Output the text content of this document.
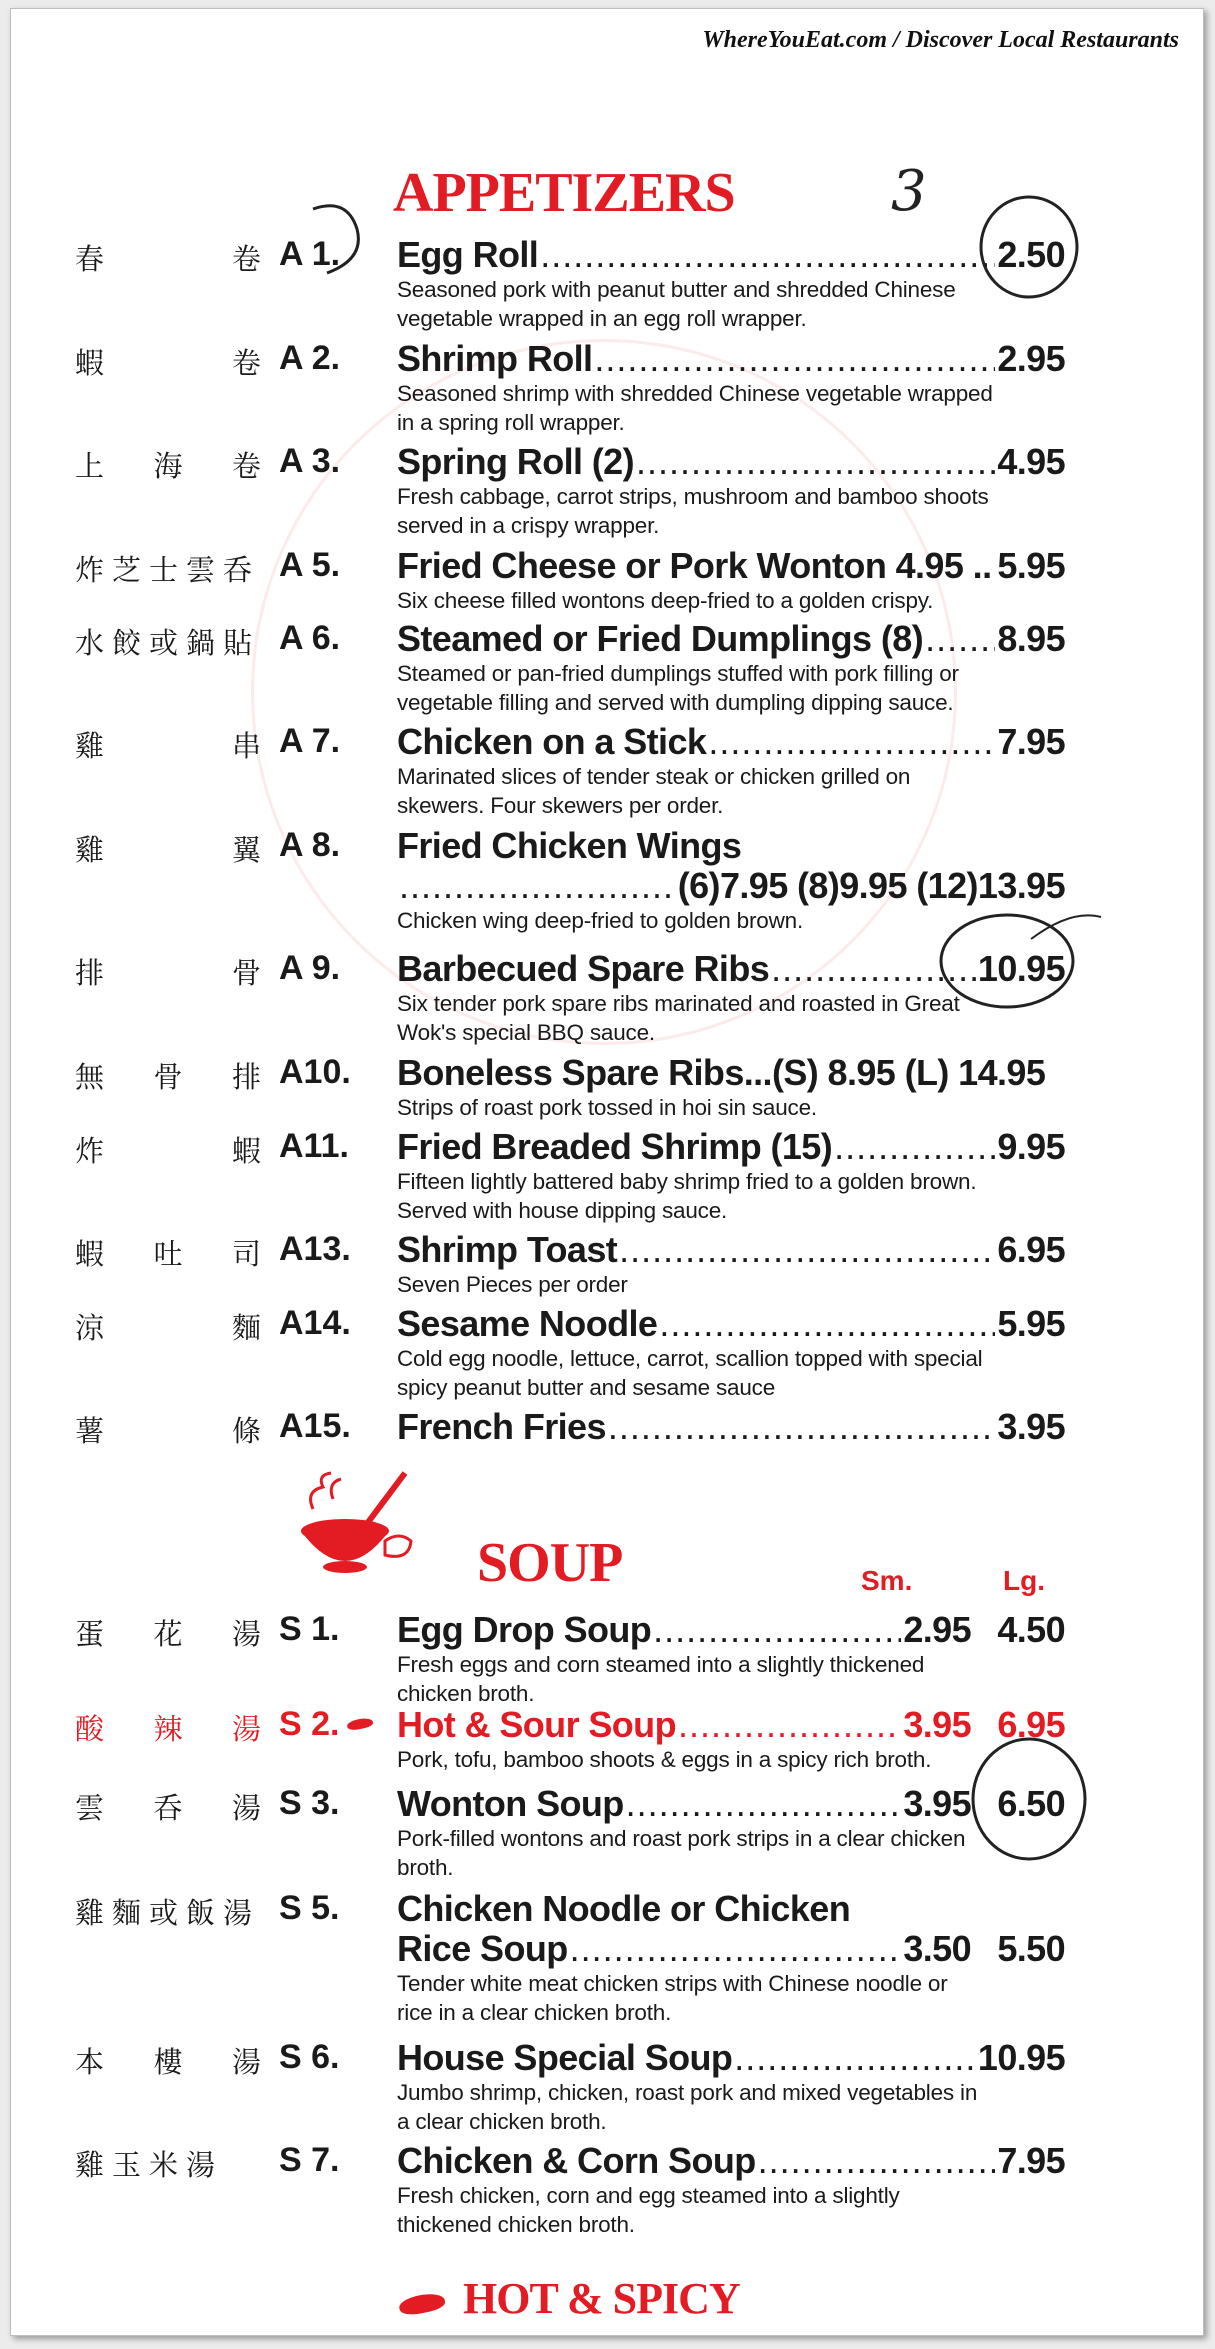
WhereYouEat.com / Discover Local Restaurants
APPETIZERS	3
春	卷 A 1. Egg Roll .....	2.50
Seasoned pork with peanut butter and shredded Chinese
vegetable wrapped in an egg roll wrapper.
蝦	卷 A 2. Shrimp Roll .....	2.95
Seasoned shrimp with shredded Chinese vegetable wrapped
in a spring roll wrapper.
上 海 卷 A 3. Spring Roll (2) .....	4.95
Fresh cabbage, carrot strips, mushroom and bamboo shoots
served in a crispy wrapper.
炸芝士雲呑 A 5. Fried Cheese or Pork Wonton 4.95 .. ..... 5.95
Six cheese filled wontons deep-fried to a golden crispy.
水餃或鍋貼 A 6. Steamed or Fried Dumplings (8) ..... 8.95
Steamed or pan-fried dumplings stuffed with pork filling or
vegetable filling and served with dumpling dipping sauce.
雞	串 A 7. Chicken on a Stick .....	7.95
Marinated slices of tender steak or chicken grilled on
skewers. Four skewers per order.
雞	翼 A 8. Fried Chicken Wings
.....
(6)7.95 (8)9.95 (12)13.95
Chicken wing deep-fried to golden brown.
排	骨 A 9. Barbecued Spare Ribs .....	10.95
Six tender pork spare ribs marinated and roasted in Great
Wok's special BBQ sauce.
無 骨 排 A10. Boneless Spare Ribs...(S) 8.95 (L) 14.95
Strips of roast pork tossed in hoi sin sauce.
炸	蝦 A11. Fried Breaded Shrimp (15) .....	9.95
Fifteen lightly battered baby shrimp fried to a golden brown.
Served with house dipping sauce.
蝦 吐 司 A13. Shrimp Toast .....	6.95
Seven Pieces per order
涼	麵 A14. Sesame Noodle .....	5.95
Cold egg noodle, lettuce, carrot, scallion topped with special
spicy peanut butter and sesame sauce
薯	條 A15. French Fries .....	3.95
SOUP	Sm.	Lg.
蛋 花 湯 S 1. Egg Drop Soup .....	2.95 4.50
Fresh eggs and corn steamed into a slightly thickened
chicken broth.
酸 辣 湯 S 2. Hot & Sour Soup .....	3.95 6.95
Pork, tofu, bamboo shoots & eggs in a spicy rich broth.
雲 呑 湯 S 3. Wonton Soup .....	3.95 6.50
Pork-filled wontons and roast pork strips in a clear chicken
broth.
雞麵或飯湯 S 5. Chicken Noodle or Chicken
Rice Soup .....	3.50 5.50
Tender white meat chicken strips with Chinese noodle or
rice in a clear chicken broth.
本 樓 湯 S 6. House Special Soup .....	10.95
Jumbo shrimp, chicken, roast pork and mixed vegetables in
a clear chicken broth.
雞玉米湯 S 7. Chicken & Corn Soup .....	7.95
Fresh chicken, corn and egg steamed into a slightly
thickened chicken broth.
HOT & SPICY
